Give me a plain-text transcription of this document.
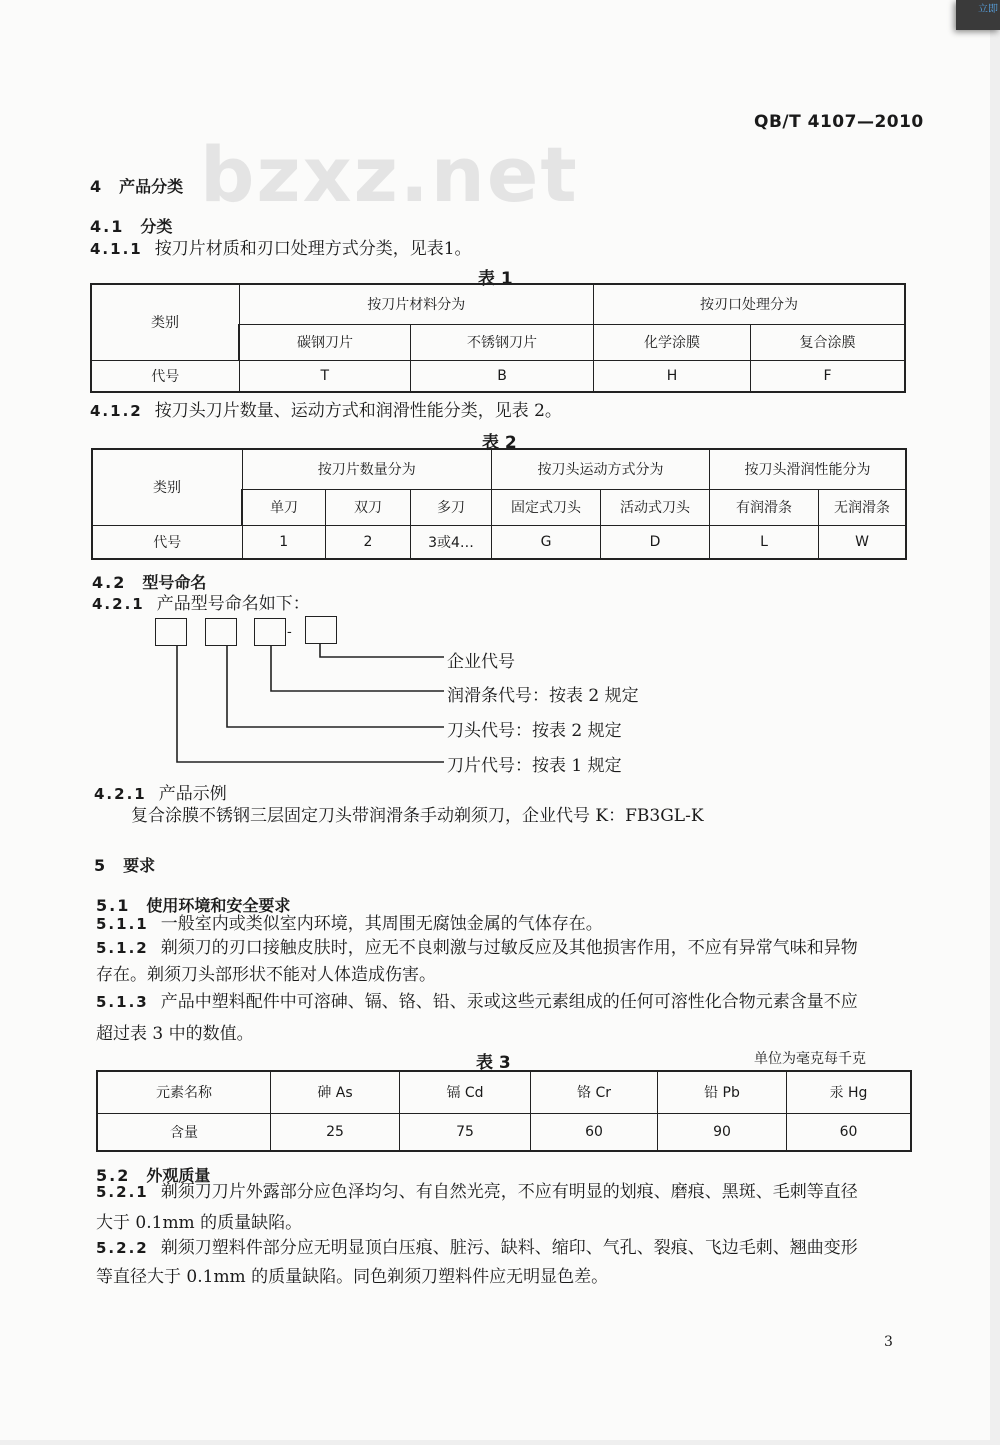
bzxz.net
QB/T 4107—2010
4 产品分类
4.1 分类
4.1.1 按刀片材质和刃口处理方式分类，见表1。
表 1
类别	按刀片材料分为		按刃口处理分为	
	碳钢刀片	不锈钢刀片	化学涂膜	复合涂膜
代号	T	B	H	F
4.1.2 按刀头刀片数量、运动方式和润滑性能分类，见表 2。
表 2
类别	按刀片数量分为			按刀头运动方式分为		按刀头滑润性能分为	
	单刀	双刀	多刀	固定式刀头	活动式刀头	有润滑条	无润滑条
代号	1	2	3或4…	G	D	L	W
4.2 型号命名
4.2.1 产品型号命名如下：
-
企业代号
润滑条代号：按表 2 规定
刀头代号：按表 2 规定
刀片代号：按表 1 规定
4.2.1 产品示例
复合涂膜不锈钢三层固定刀头带润滑条手动剃须刀，企业代号 K：FB3GL-K
5 要求
5.1 使用环境和安全要求
5.1.1 一般室内或类似室内环境，其周围无腐蚀金属的气体存在。
5.1.2 剃须刀的刃口接触皮肤时，应无不良刺激与过敏反应及其他损害作用，不应有异常气味和异物
存在。剃须刀头部形状不能对人体造成伤害。
5.1.3 产品中塑料配件中可溶砷、镉、铬、铅、汞或这些元素组成的任何可溶性化合物元素含量不应
超过表 3 中的数值。
表 3	单位为毫克每千克
元素名称	砷 As	镉 Cd	铬 Cr	铅 Pb	汞 Hg
含量	25	75	60	90	60
5.2 外观质量
5.2.1 剃须刀刀片外露部分应色泽均匀、有自然光亮，不应有明显的划痕、磨痕、黑斑、毛刺等直径
大于 0.1mm 的质量缺陷。
5.2.2 剃须刀塑料件部分应无明显顶白压痕、脏污、缺料、缩印、气孔、裂痕、飞边毛刺、翘曲变形
等直径大于 0.1mm 的质量缺陷。同色剃须刀塑料件应无明显色差。
3
立即
